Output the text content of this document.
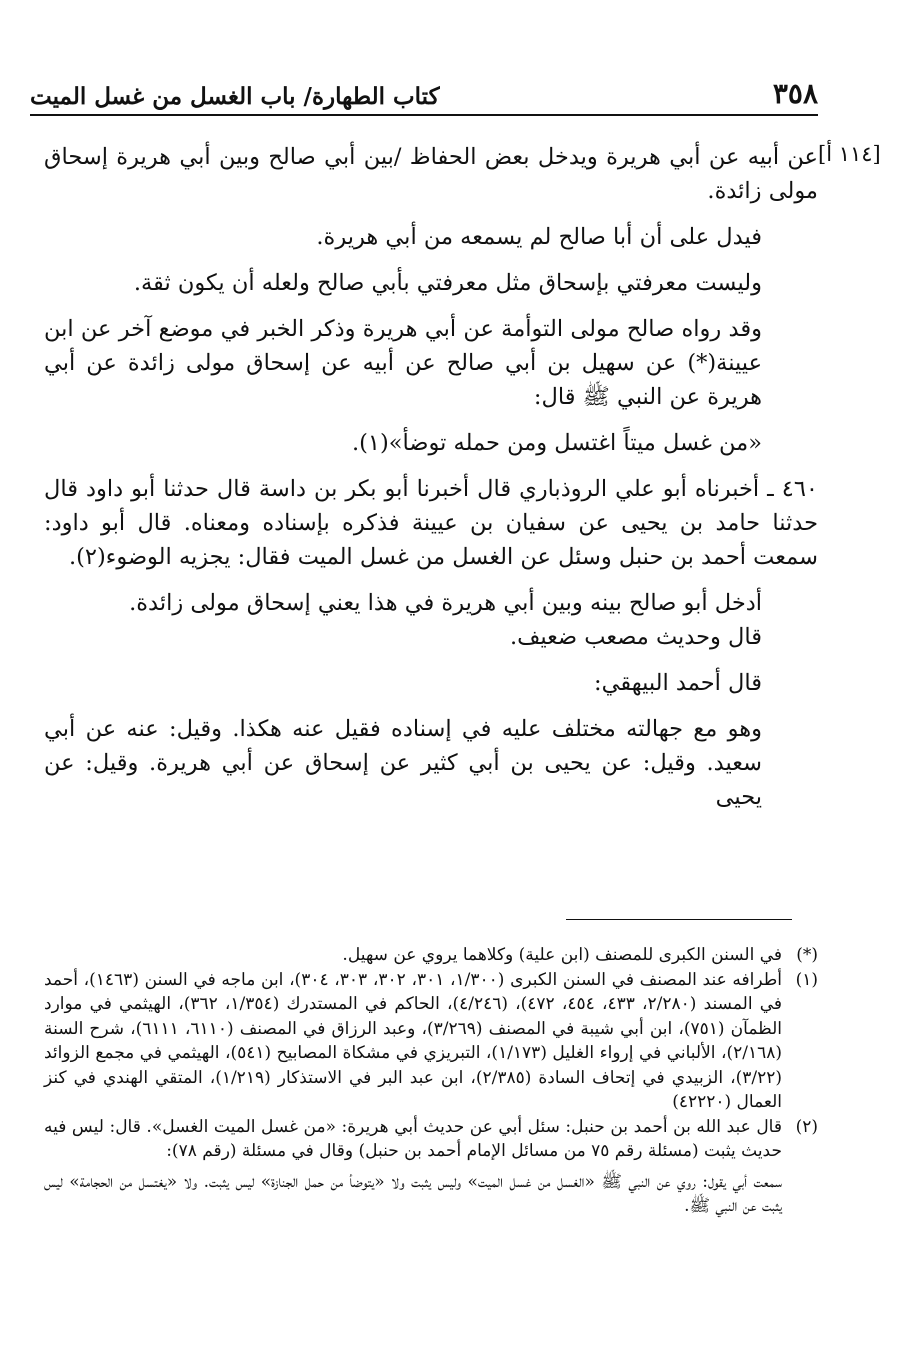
كتاب الطهارة/ باب الغسل من غسل الميت	٣٥٨
[١١٤ أ]

عن أبيه عن أبي هريرة ويدخل بعض الحفاظ /بين أبي صالح وبين أبي هريرة إسحاق مولى زائدة.

فيدل على أن أبا صالح لم يسمعه من أبي هريرة.

وليست معرفتي بإسحاق مثل معرفتي بأبي صالح ولعله أن يكون ثقة.

وقد رواه صالح مولى التوأمة عن أبي هريرة وذكر الخبر في موضع آخر عن ابن عيينة(*) عن سهيل بن أبي صالح عن أبيه عن إسحاق مولى زائدة عن أبي هريرة عن النبي ﷺ قال:

«من غسل ميتاً اغتسل ومن حمله توضأ»(١).

٤٦٠ ـ أخبرناه أبو علي الروذباري قال أخبرنا أبو بكر بن داسة قال حدثنا أبو داود قال حدثنا حامد بن يحيى عن سفيان بن عيينة فذكره بإسناده ومعناه. قال أبو داود: سمعت أحمد بن حنبل وسئل عن الغسل من غسل الميت فقال: يجزيه الوضوء(٢).

أدخل أبو صالح بينه وبين أبي هريرة في هذا يعني إسحاق مولى زائدة.

قال وحديث مصعب ضعيف.

قال أحمد البيهقي:

وهو مع جهالته مختلف عليه في إسناده فقيل عنه هكذا. وقيل: عنه عن أبي سعيد. وقيل: عن يحيى بن أبي كثير عن إسحاق عن أبي هريرة. وقيل: عن يحيى

(*)
في السنن الكبرى للمصنف (ابن علية) وكلاهما يروي عن سهيل.
(١)
أطرافه عند المصنف في السنن الكبرى (١/٣٠٠، ٣٠١، ٣٠٢، ٣٠٣، ٣٠٤)، ابن ماجه في السنن (١٤٦٣)، أحمد في المسند (٢/٢٨٠، ٤٣٣، ٤٥٤، ٤٧٢)، (٤/٢٤٦)، الحاكم في المستدرك (١/٣٥٤، ٣٦٢)، الهيثمي في موارد الظمآن (٧٥١)، ابن أبي شيبة في المصنف (٣/٢٦٩)، وعبد الرزاق في المصنف (٦١١٠، ٦١١١)، شرح السنة (٢/١٦٨)، الألباني في إرواء الغليل (١/١٧٣)، التبريزي في مشكاة المصابيح (٥٤١)، الهيثمي في مجمع الزوائد (٣/٢٢)، الزبيدي في إتحاف السادة (٢/٣٨٥)، ابن عبد البر في الاستذكار (١/٢١٩)، المتقي الهندي في كنز العمال (٤٢٢٢٠)
(٢)
قال عبد الله بن أحمد بن حنبل: سئل أبي عن حديث أبي هريرة: «من غسل الميت الغسل». قال: ليس فيه حديث يثبت (مسئلة رقم ٧٥ من مسائل الإمام أحمد بن حنبل) وقال في مسئلة (رقم ٧٨):
سمعت أبي يقول: روي عن النبي ﷺ «الغسل من غسل الميت» وليس يثبت ولا «يتوضأ من حمل الجنازة» ليس يثبت. ولا «يغتسل من الحجامة» ليس يثبت عن النبي ﷺ.
